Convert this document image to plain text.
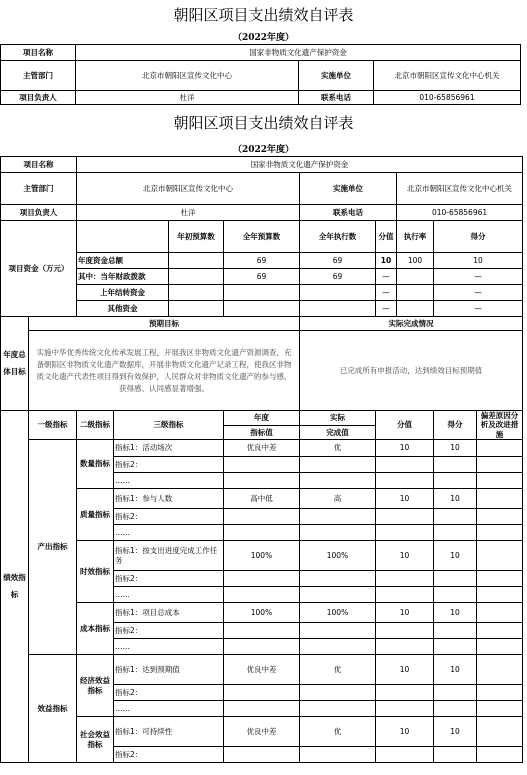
朝阳区项目支出绩效自评表
（2022年度）
项目名称	国家非物质文化遗产保护资金		
主管部门	北京市朝阳区宣传文化中心	实施单位	北京市朝阳区宣传文化中心机关
项目负责人	杜洋	联系电话	010-65856961
朝阳区项目支出绩效自评表
（2022年度）
项目名称		国家非物质文化遗产保护资金								
主管部门		北京市朝阳区宣传文化中心				实施单位		北京市朝阳区宣传文化中心机关		
项目负责人		杜洋				联系电话		010-65856961		
项目资金（万元）				年初预算数	全年预算数	全年执行数	分值	执行率	得分	
		年度资金总额			69	69	10	100	10	
		其中：当年财政拨款			69	69	—		—	
		上年结转资金					—		—	
		其他资金					—		—	
年度总体目标	预期目标					实际完成情况				
	实施中华优秀传统文化传承发展工程，开展我区非物质文化遗产资源调查，充备朝阳区非物质文化遗产数据库，开展非物质文化遗产记录工程，使我区非物质文化遗产代表性项目得到有效保护，人民群众对非物质文化遗产的参与感、获得感、认同感显著增强。					已完成所有申报活动，达到绩效目标预期值				
绩效指标	一级指标	二级指标	三级指标		年度	实际	分值		得分	偏差原因分析及改进措施
					指标值	完成值				
	产出指标	数量指标	指标1：活动场次		优良中差	优	10		10	
			指标2：							
			……							
		质量指标	指标1：参与人数		高中低	高	10		10	
			指标2：							
			……							
		时效指标	指标1：按支出进度完成工作任务		100%	100%	10		10	
			指标2：							
			……							
		成本指标	指标1：项目总成本		100%	100%	10		10	
			指标2：							
			……							
	效益指标	经济效益指标	指标1：达到预期值		优良中差	优	10		10	
			指标2：							
			……							
		社会效益指标	指标1：可持续性		优良中差	优	10		10	
			指标2：							
